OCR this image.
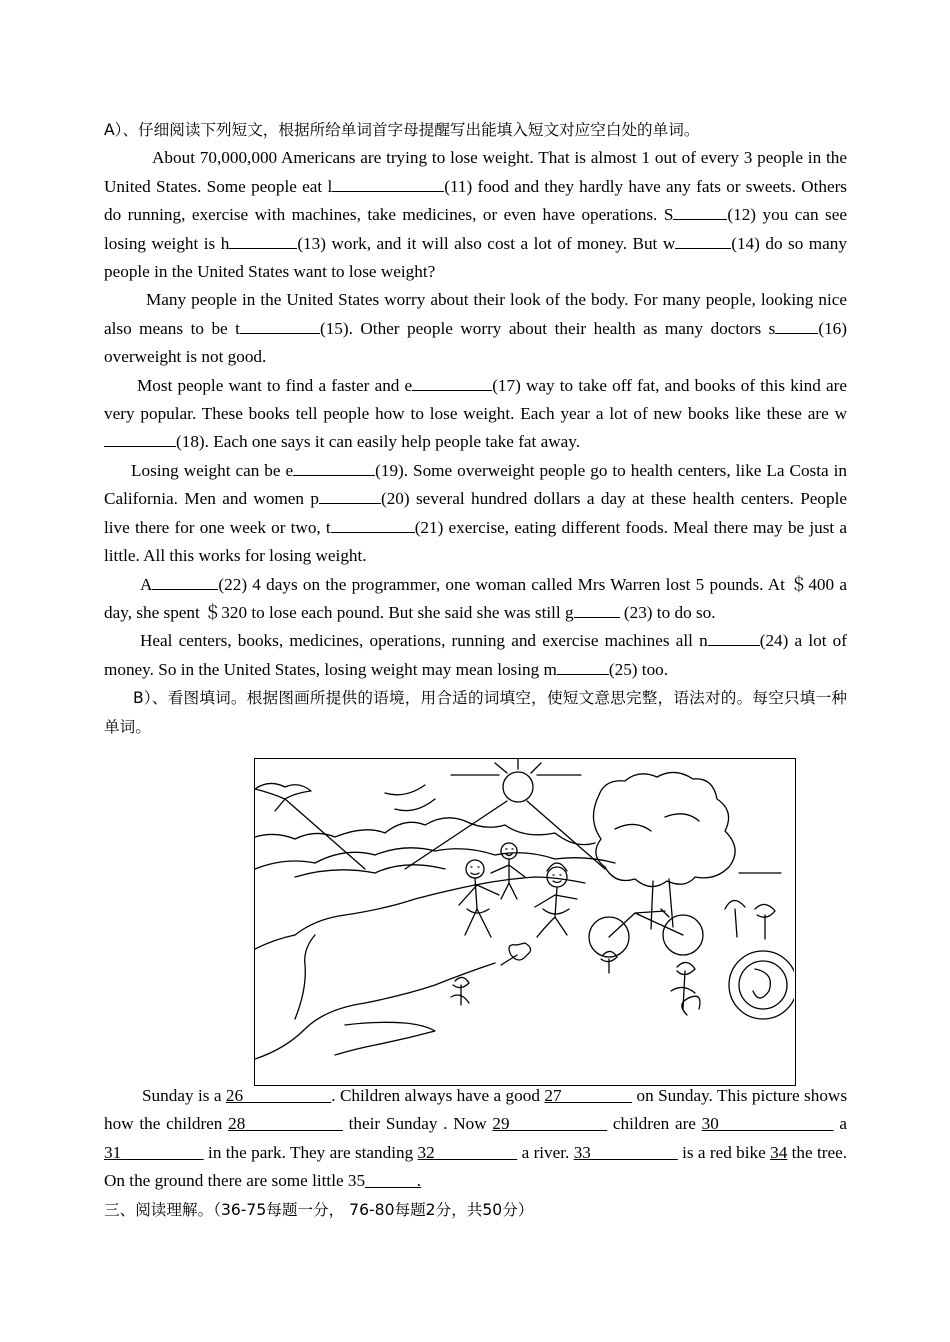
A）、仔细阅读下列短文，根据所给单词首字母提醒写出能填入短文对应空白处的单词。

About 70,000,000 Americans are trying to lose weight. That is almost 1 out of every 3 people in the United States. Some people eat l	(11) food and they hardly have any fats or sweets. Others do running, exercise with machines, take medicines, or even have operations. S	(12) you can see losing weight is h	(13) work, and it will also cost a lot of money. But w	(14) do so many people in the United States want to lose weight?

Many people in the United States worry about their look of the body. For many people, looking nice also means to be t	(15). Other people worry about their health as many doctors s	(16) overweight is not good.

Most people want to find a faster and e	(17) way to take off fat, and books of this kind are very popular. These books tell people how to lose weight. Each year a lot of new books like these are w(18). Each one says it can easily help people take fat away.

Losing weight can be e	(19). Some overweight people go to health centers, like La Costa in California. Men and women p	(20) several hundred dollars a day at these health centers. People live there for one week or two, t	(21) exercise, eating different foods. Meal there may be just a little. All this works for losing weight.

A	(22) 4 days on the programmer, one woman called Mrs Warren lost 5 pounds. At ＄400 a day, she spent ＄320 to lose each pound. But she said she was still g	(23) to do so.

Heal centers, books, medicines, operations, running and exercise machines all n	(24) a lot of money. So in the United States, losing weight may mean losing m	(25) too.

B）、看图填词。根据图画所提供的语境，用合适的词填空，使短文意思完整，语法对的。每空只填一种单词。

Sunday is a 26	. Children always have a good 27	on Sunday. This picture shows how the children 28	their Sunday . Now 29	children are 30	a 31	in the park. They are standing 32	a river. 33	is a red bike 34 the tree. On the ground there are some little 35	.

三、阅读理解。（36-75每题一分， 76-80每题2分，共50分）
